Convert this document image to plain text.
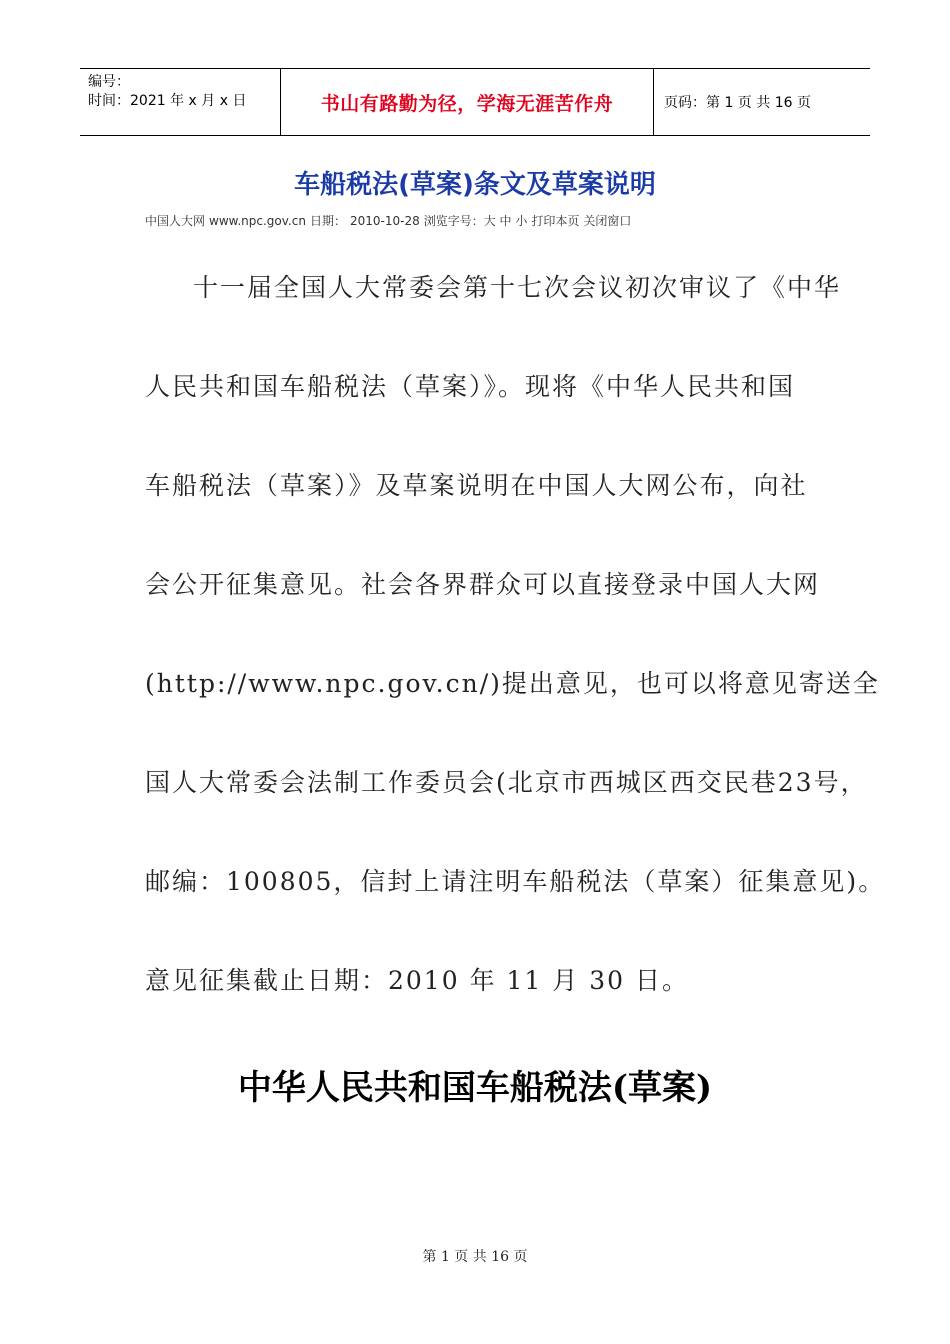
编号：
时间：2021 年 x 月 x 日	书山有路勤为径，学海无涯苦作舟	页码：第 1 页 共 16 页
车船税法(草案)条文及草案说明
中国人大网 www.npc.gov.cn 日期： 2010-10-28 浏览字号：大 中 小 打印本页 关闭窗口
十一届全国人大常委会第十七次会议初次审议了《中华
人民共和国车船税法（草案）》。现将《中华人民共和国
车船税法（草案）》及草案说明在中国人大网公布，向社
会公开征集意见。社会各界群众可以直接登录中国人大网
(http://www.npc.gov.cn/)提出意见，也可以将意见寄送全
国人大常委会法制工作委员会(北京市西城区西交民巷23号，
邮编：100805，信封上请注明车船税法（草案）征集意见)。
意见征集截止日期：2010 年 11 月 30 日。
中华人民共和国车船税法(草案)
第 1 页 共 16 页
